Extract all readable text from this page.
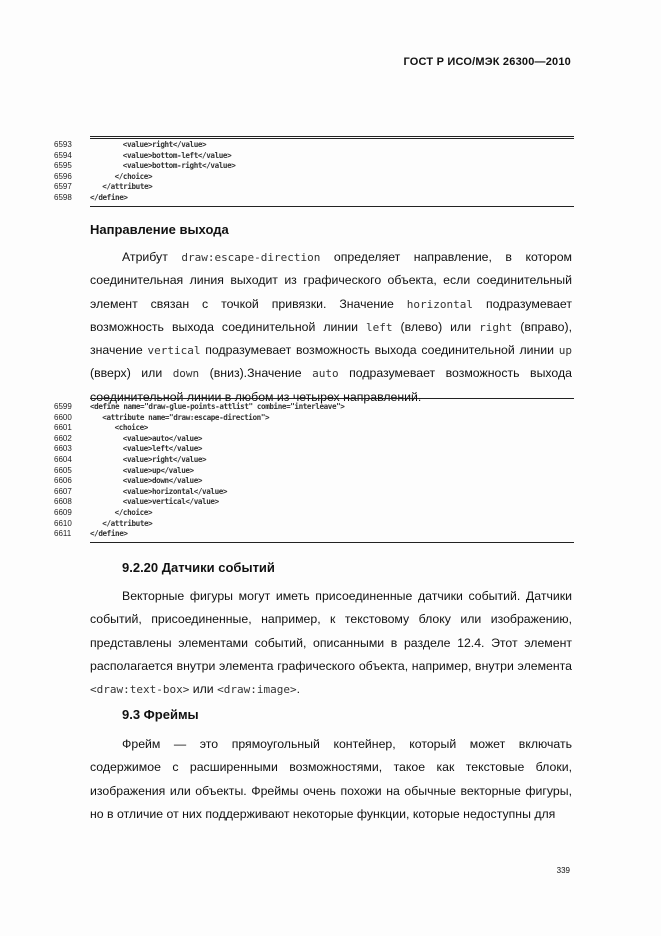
ГОСТ Р ИСО/МЭК 26300—2010
6593	<value>right</value>
6594	<value>bottom-left</value>
6595	<value>bottom-right</value>
6596	</choice>
6597	</attribute>
6598	</define>
Направление выхода
Атрибут draw:escape-direction определяет направление, в котором соединительная линия выходит из графического объекта, если соединительный элемент связан с точкой привязки. Значение horizontal подразумевает возможность выхода соединительной линии left (влево) или right (вправо), значение vertical подразумевает возможность выхода соединительной линии up (вверх) или down (вниз).Значение auto подразумевает возможность выхода соединительной линии в любом из четырех направлений.
6599	<define name="draw-glue-points-attlist" combine="interleave">
6600	<attribute name="draw:escape-direction">
6601	<choice>
6602	<value>auto</value>
6603	<value>left</value>
6604	<value>right</value>
6605	<value>up</value>
6606	<value>down</value>
6607	<value>horizontal</value>
6608	<value>vertical</value>
6609	</choice>
6610	</attribute>
6611	</define>
9.2.20 Датчики событий
Векторные фигуры могут иметь присоединенные датчики событий. Датчики событий, присоединенные, например, к текстовому блоку или изображению, представлены элементами событий, описанными в разделе 12.4. Этот элемент располагается внутри элемента графического объекта, например, внутри элемента <draw:text-box> или <draw:image>.
9.3 Фреймы
Фрейм — это прямоугольный контейнер, который может включать содержимое с расширенными возможностями, такое как текстовые блоки, изображения или объекты. Фреймы очень похожи на обычные векторные фигуры, но в отличие от них поддерживают некоторые функции, которые недоступны для
339
